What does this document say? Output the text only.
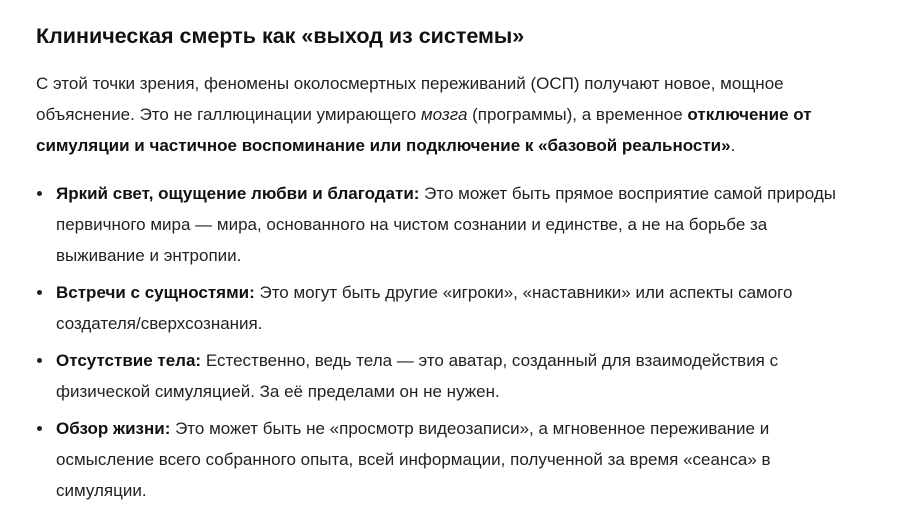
Клиническая смерть как «выход из системы»

С этой точки зрения, феномены околосмертных переживаний (ОСП) получают новое, мощное объяснение. Это не галлюцинации умирающего мозга (программы), а временное отключение от симуляции и частичное воспоминание или подключение к «базовой реальности».

Яркий свет, ощущение любви и благодати: Это может быть прямое восприятие самой природы первичного мира — мира, основанного на чистом сознании и единстве, а не на борьбе за выживание и энтропии.
Встречи с сущностями: Это могут быть другие «игроки», «наставники» или аспекты самого создателя/сверхсознания.
Отсутствие тела: Естественно, ведь тела — это аватар, созданный для взаимодействия с физической симуляцией. За её пределами он не нужен.
Обзор жизни: Это может быть не «просмотр видеозаписи», а мгновенное переживание и осмысление всего собранного опыта, всей информации, полученной за время «сеанса» в симуляции.
